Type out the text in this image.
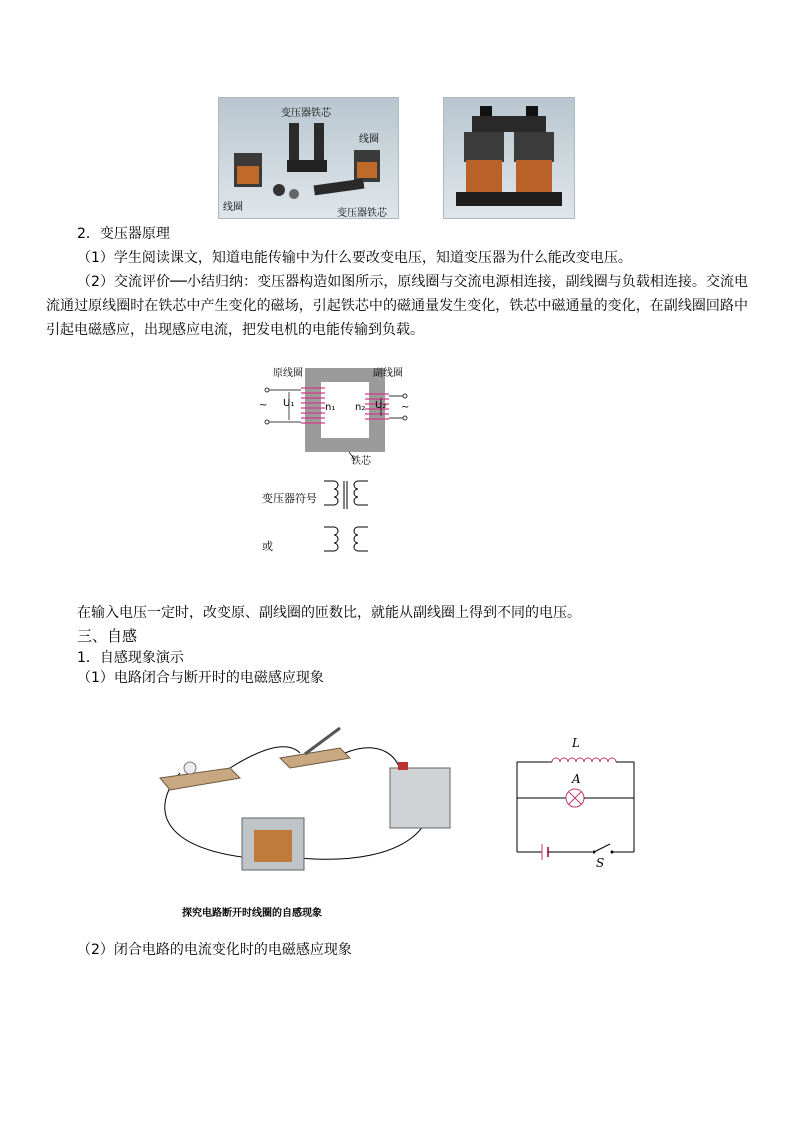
变压器铁芯
线圈
线圈
变压器铁芯
2．变压器原理
（1）学生阅读课文，知道电能传输中为什么要改变电压，知道变压器为什么能改变电压。
（2）交流评价──小结归纳：变压器构造如图所示，原线圈与交流电源相连接，副线圈与负载相连接。交流电流通过原线圈时在铁芯中产生变化的磁场，引起铁芯中的磁通量发生变化，铁芯中磁通量的变化，在副线圈回路中引起电磁感应，出现感应电流，把发电机的电能传输到负载。
原线圈	副线圈
U₁	U₂
n₁ n₂
~	~
铁芯
变压器符号
或
在输入电压一定时，改变原、副线圈的匝数比，就能从副线圈上得到不同的电压。
三、自感
1．自感现象演示
（1）电路闭合与断开时的电磁感应现象
探究电路断开时线圈的自感现象
L
A
S
（2）闭合电路的电流变化时的电磁感应现象
